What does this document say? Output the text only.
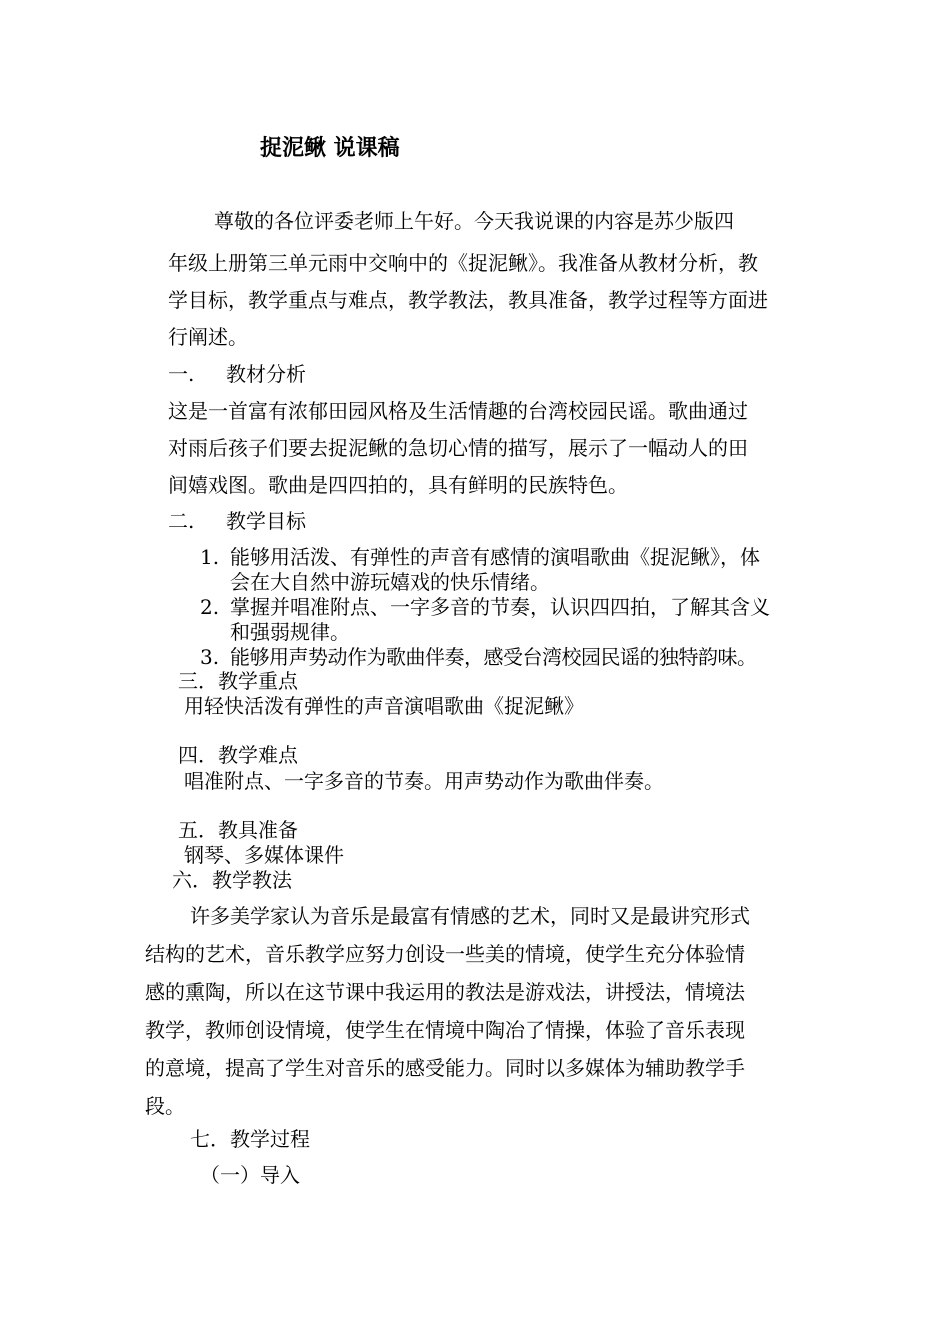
捉泥鳅 说课稿
尊敬的各位评委老师上午好。今天我说课的内容是苏少版四
年级上册第三单元雨中交响中的《捉泥鳅》。我准备从教材分析，教
学目标，教学重点与难点，教学教法，教具准备，教学过程等方面进
行阐述。
一. 教材分析
这是一首富有浓郁田园风格及生活情趣的台湾校园民谣。歌曲通过
对雨后孩子们要去捉泥鳅的急切心情的描写，展示了一幅动人的田
间嬉戏图。歌曲是四四拍的，具有鲜明的民族特色。
二. 教学目标
1. 能够用活泼、有弹性的声音有感情的演唱歌曲《捉泥鳅》，体
会在大自然中游玩嬉戏的快乐情绪。
2. 掌握并唱准附点、一字多音的节奏，认识四四拍，了解其含义
和强弱规律。
3. 能够用声势动作为歌曲伴奏，感受台湾校园民谣的独特韵味。
三．教学重点
用轻快活泼有弹性的声音演唱歌曲《捉泥鳅》
四．教学难点
唱准附点、一字多音的节奏。用声势动作为歌曲伴奏。
五．教具准备
钢琴、多媒体课件
六．教学教法
许多美学家认为音乐是最富有情感的艺术，同时又是最讲究形式
结构的艺术，音乐教学应努力创设一些美的情境，使学生充分体验情
感的熏陶，所以在这节课中我运用的教法是游戏法，讲授法，情境法
教学，教师创设情境，使学生在情境中陶冶了情操，体验了音乐表现
的意境，提高了学生对音乐的感受能力。同时以多媒体为辅助教学手
段。
七．教学过程
（一）导入
